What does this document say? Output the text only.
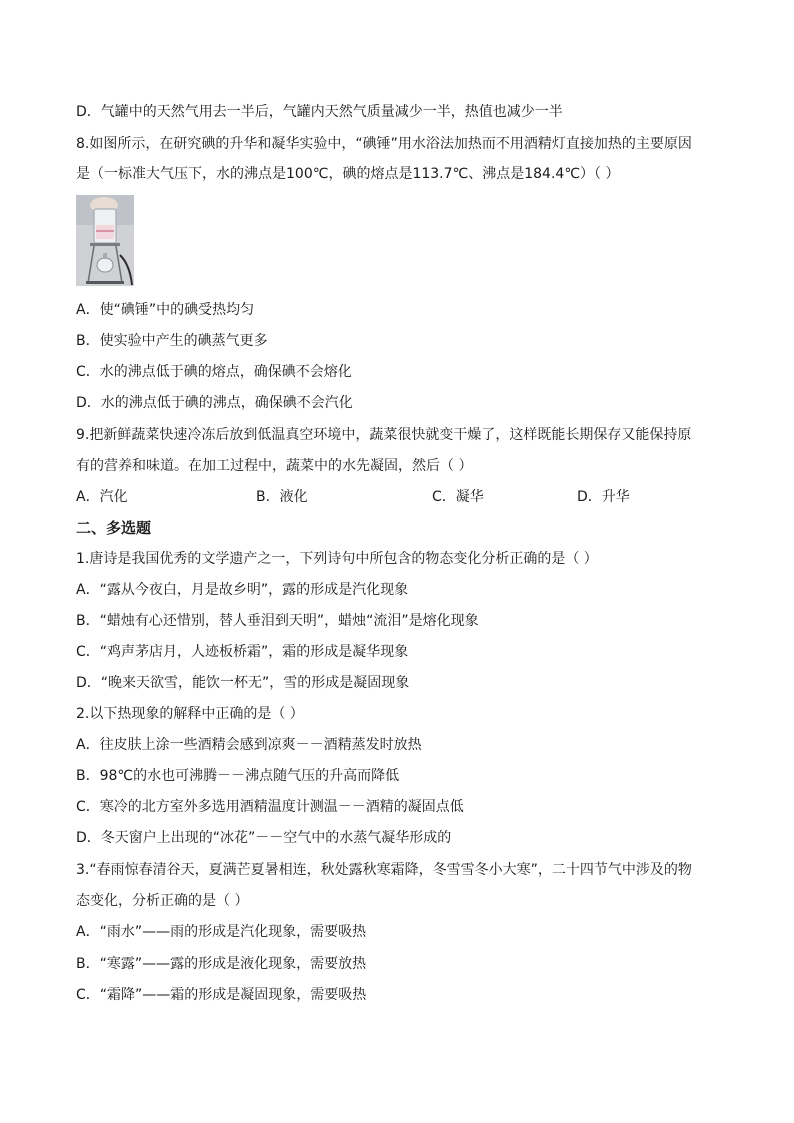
D．气罐中的天然气用去一半后，气罐内天然气质量减少一半，热值也减少一半
8.如图所示，在研究碘的升华和凝华实验中，“碘锤”用水浴法加热而不用酒精灯直接加热的主要原因
是（一标准大气压下，水的沸点是100℃，碘的熔点是113.7℃、沸点是184.4℃）（ ）
A．使“碘锤”中的碘受热均匀
B．使实验中产生的碘蒸气更多
C．水的沸点低于碘的熔点，确保碘不会熔化
D．水的沸点低于碘的沸点，确保碘不会汽化
9.把新鲜蔬菜快速冷冻后放到低温真空环境中，蔬菜很快就变干燥了，这样既能长期保存又能保持原
有的营养和味道。在加工过程中，蔬菜中的水先凝固，然后（ ）
A．汽化	B．液化	C．凝华	D．升华
二、多选题
1.唐诗是我国优秀的文学遗产之一，下列诗句中所包含的物态变化分析正确的是（ ）
A．“露从今夜白，月是故乡明”，露的形成是汽化现象
B．“蜡烛有心还惜别，替人垂泪到天明”，蜡烛“流泪”是熔化现象
C．“鸡声茅店月，人迹板桥霜”，霜的形成是凝华现象
D．“晚来天欲雪，能饮一杯无”，雪的形成是凝固现象
2.以下热现象的解释中正确的是（ ）
A．往皮肤上涂一些酒精会感到凉爽－－酒精蒸发时放热
B．98℃的水也可沸腾－－沸点随气压的升高而降低
C．寒冷的北方室外多选用酒精温度计测温－－酒精的凝固点低
D．冬天窗户上出现的“冰花”－－空气中的水蒸气凝华形成的
3.“春雨惊春清谷天，夏满芒夏暑相连，秋处露秋寒霜降，冬雪雪冬小大寒”，二十四节气中涉及的物
态变化，分析正确的是（ ）
A．“雨水”——雨的形成是汽化现象，需要吸热
B．“寒露”——露的形成是液化现象，需要放热
C．“霜降”——霜的形成是凝固现象，需要吸热
